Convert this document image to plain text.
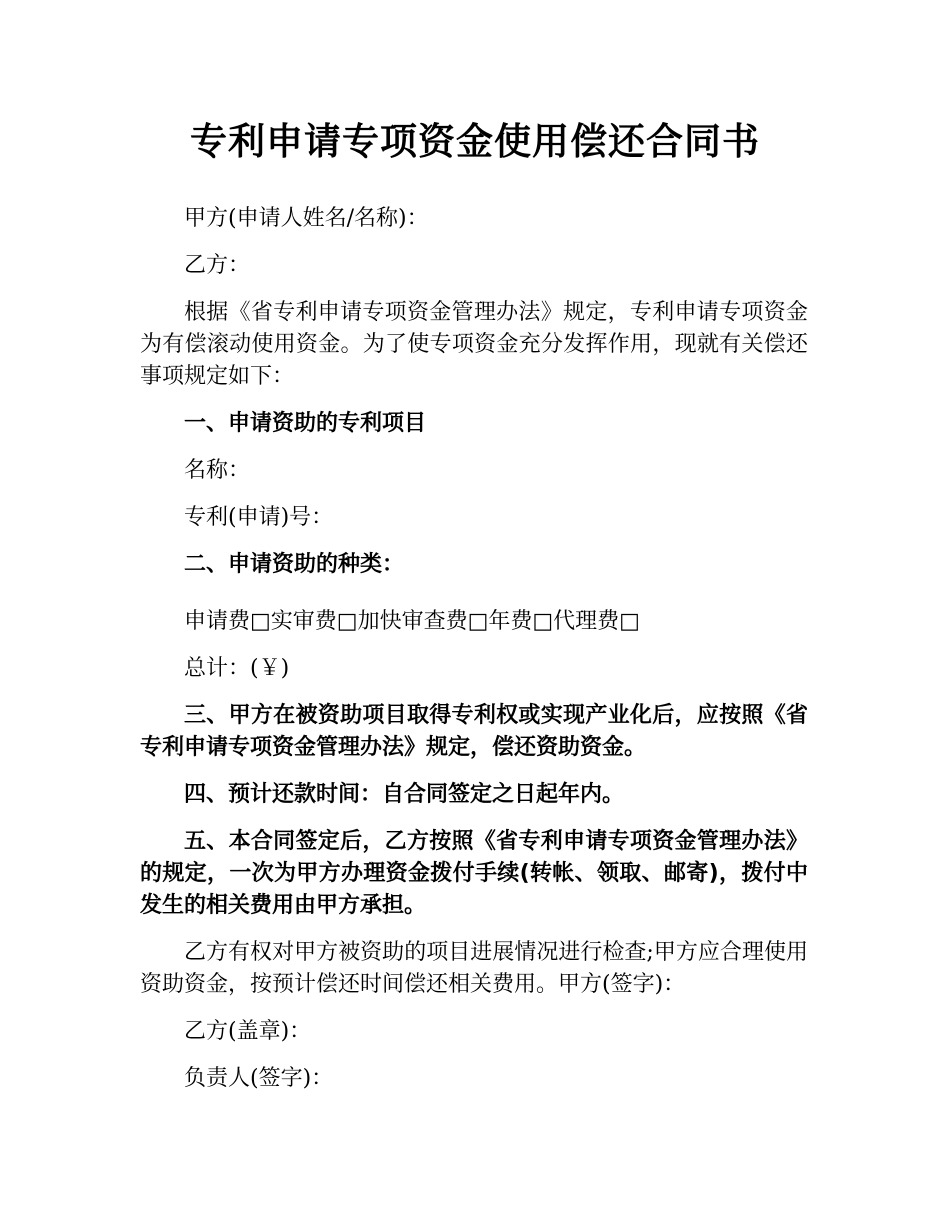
专利申请专项资金使用偿还合同书

甲方(申请人姓名/名称)：

乙方：

根据《省专利申请专项资金管理办法》规定，专利申请专项资金为有偿滚动使用资金。为了使专项资金充分发挥作用，现就有关偿还事项规定如下：

一、申请资助的专利项目

名称：

专利(申请)号：

二、申请资助的种类：

申请费□实审费□加快审查费□年费□代理费□

总计：(￥)

三、甲方在被资助项目取得专利权或实现产业化后，应按照《省专利申请专项资金管理办法》规定，偿还资助资金。

四、预计还款时间：自合同签定之日起年内。

五、本合同签定后，乙方按照《省专利申请专项资金管理办法》的规定，一次为甲方办理资金拨付手续(转帐、领取、邮寄)，拨付中发生的相关费用由甲方承担。

乙方有权对甲方被资助的项目进展情况进行检查;甲方应合理使用资助资金，按预计偿还时间偿还相关费用。甲方(签字)：

乙方(盖章)：

负责人(签字)：
